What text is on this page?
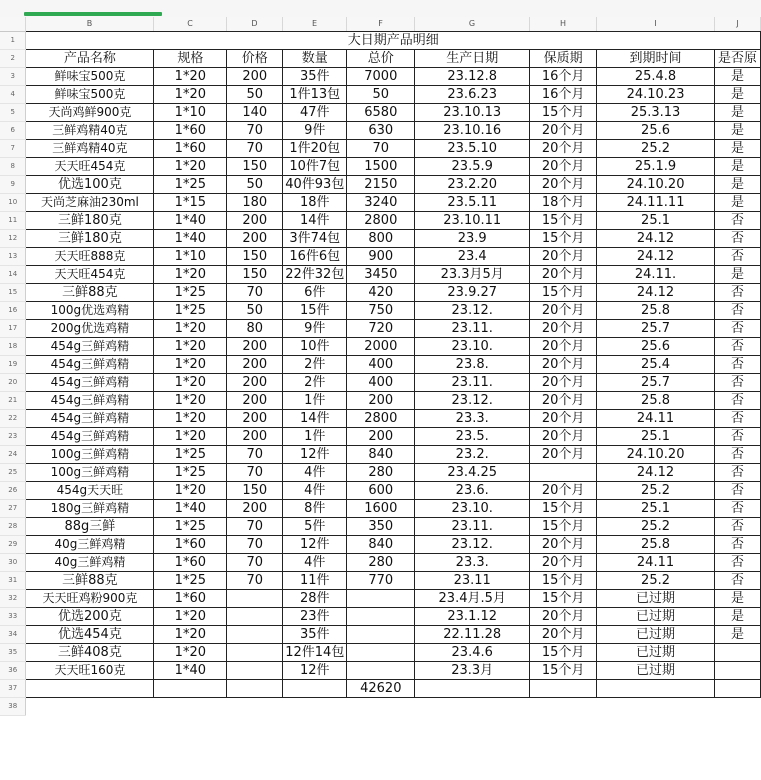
B	C	D	E	F	G	H	I	J
1	大日期产品明细								
2	产品名称	规格	价格	数量	总价	生产日期	保质期	到期时间	是否原
3	鲜味宝500克	1*20	200	35件	7000	23.12.8	16个月	25.4.8	是
4	鲜味宝500克	1*20	50	1件13包	50	23.6.23	16个月	24.10.23	是
5	天尚鸡鲜900克	1*10	140	47件	6580	23.10.13	15个月	25.3.13	是
6	三鲜鸡精40克	1*60	70	9件	630	23.10.16	20个月	25.6	是
7	三鲜鸡精40克	1*60	70	1件20包	70	23.5.10	20个月	25.2	是
8	天天旺454克	1*20	150	10件7包	1500	23.5.9	20个月	25.1.9	是
9	优选100克	1*25	50	40件93包	2150	23.2.20	20个月	24.10.20	是
10	天尚芝麻油230ml	1*15	180	18件	3240	23.5.11	18个月	24.11.11	是
11	三鲜180克	1*40	200	14件	2800	23.10.11	15个月	25.1	否
12	三鲜180克	1*40	200	3件74包	800	23.9	15个月	24.12	否
13	天天旺888克	1*10	150	16件6包	900	23.4	20个月	24.12	否
14	天天旺454克	1*20	150	22件32包	3450	23.3月5月	20个月	24.11.	是
15	三鲜88克	1*25	70	6件	420	23.9.27	15个月	24.12	否
16	100g优选鸡精	1*25	50	15件	750	23.12.	20个月	25.8	否
17	200g优选鸡精	1*20	80	9件	720	23.11.	20个月	25.7	否
18	454g三鲜鸡精	1*20	200	10件	2000	23.10.	20个月	25.6	否
19	454g三鲜鸡精	1*20	200	2件	400	23.8.	20个月	25.4	否
20	454g三鲜鸡精	1*20	200	2件	400	23.11.	20个月	25.7	否
21	454g三鲜鸡精	1*20	200	1件	200	23.12.	20个月	25.8	否
22	454g三鲜鸡精	1*20	200	14件	2800	23.3.	20个月	24.11	否
23	454g三鲜鸡精	1*20	200	1件	200	23.5.	20个月	25.1	否
24	100g三鲜鸡精	1*25	70	12件	840	23.2.	20个月	24.10.20	否
25	100g三鲜鸡精	1*25	70	4件	280	23.4.25		24.12	否
26	454g天天旺	1*20	150	4件	600	23.6.	20个月	25.2	否
27	180g三鲜鸡精	1*40	200	8件	1600	23.10.	15个月	25.1	否
28	88g三鲜	1*25	70	5件	350	23.11.	15个月	25.2	否
29	40g三鲜鸡精	1*60	70	12件	840	23.12.	20个月	25.8	否
30	40g三鲜鸡精	1*60	70	4件	280	23.3.	20个月	24.11	否
31	三鲜88克	1*25	70	11件	770	23.11	15个月	25.2	否
32	天天旺鸡粉900克	1*60		28件		23.4月.5月	15个月	已过期	是
33	优选200克	1*20		23件		23.1.12	20个月	已过期	是
34	优选454克	1*20		35件		22.11.28	20个月	已过期	是
35	三鲜408克	1*20		12件14包		23.4.6	15个月	已过期	
36	天天旺160克	1*40		12件		23.3月	15个月	已过期	
37					42620				
38									
